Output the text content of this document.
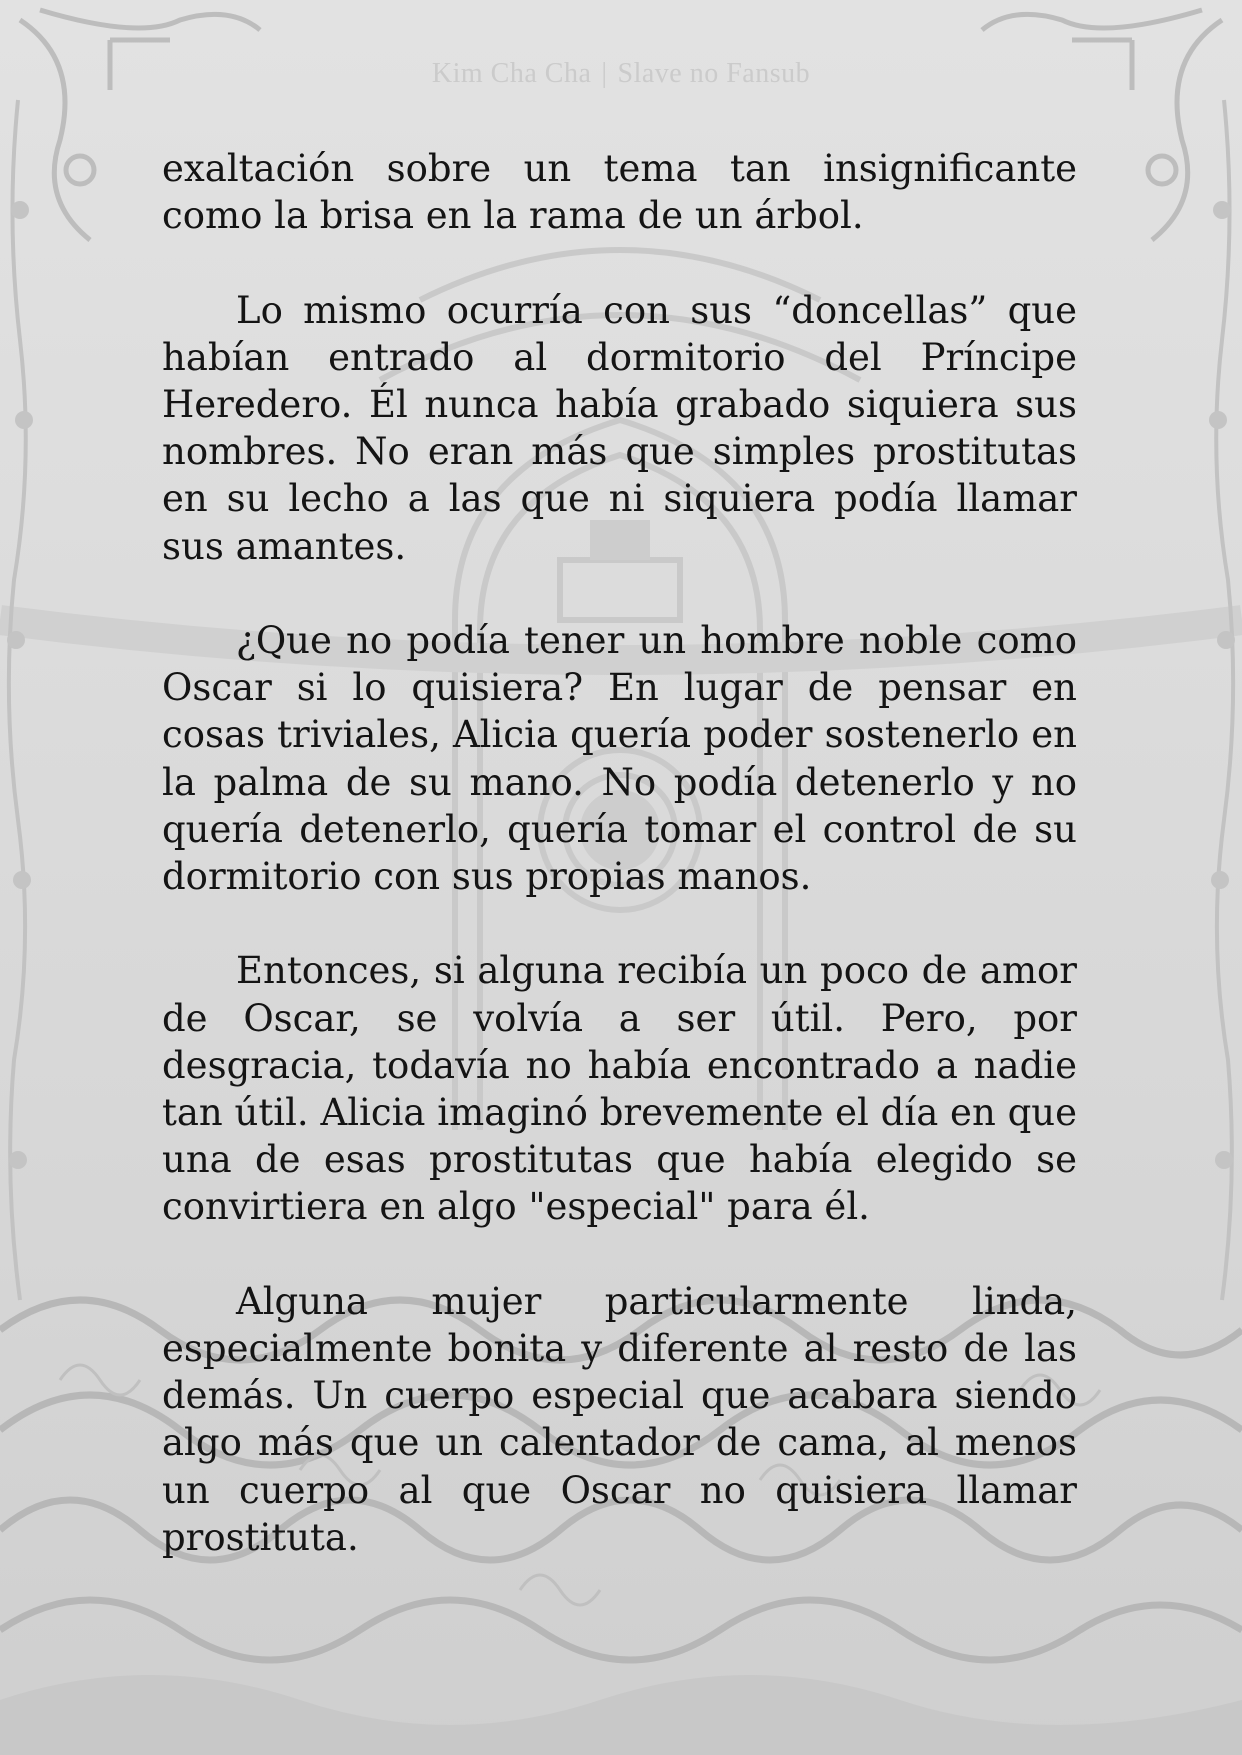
Kim Cha Cha | Slave no Fansub

exaltación sobre un tema tan insignificante como la brisa en la rama de un árbol.

Lo mismo ocurría con sus “doncellas” que habían entrado al dormitorio del Príncipe Heredero. Él nunca había grabado siquiera sus nombres. No eran más que simples prostitutas en su lecho a las que ni siquiera podía llamar sus amantes.

¿Que no podía tener un hombre noble como Oscar si lo quisiera? En lugar de pensar en cosas triviales, Alicia quería poder sostenerlo en la palma de su mano. No podía detenerlo y no quería detenerlo, quería tomar el control de su dormitorio con sus propias manos.

Entonces, si alguna recibía un poco de amor de Oscar, se volvía a ser útil. Pero, por desgracia, todavía no había encontrado a nadie tan útil. Alicia imaginó brevemente el día en que una de esas prostitutas que había elegido se convirtiera en algo "especial" para él.

Alguna mujer particularmente linda, especialmente bonita y diferente al resto de las demás. Un cuerpo especial que acabara siendo algo más que un calentador de cama, al menos un cuerpo al que Oscar no quisiera llamar prostituta.
